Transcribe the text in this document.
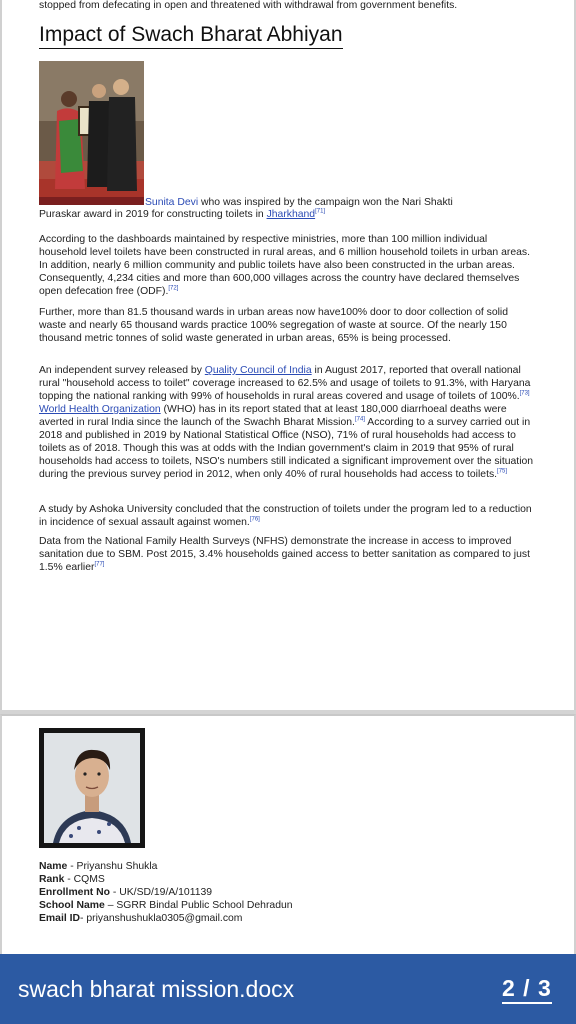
stopped from defecating in open and threatened with withdrawal from government benefits.
Impact of Swach Bharat Abhiyan
Sunita Devi who was inspired by the campaign won the Nari Shakti
Puraskar award in 2019 for constructing toilets in Jharkhand[71]
According to the dashboards maintained by respective ministries, more than 100 million individual household level toilets have been constructed in rural areas, and 6 million household toilets in urban areas. In addition, nearly 6 million community and public toilets have also been constructed in the urban areas. Consequently, 4,234 cities and more than 600,000 villages across the country have declared themselves open defecation free (ODF).[72]
Further, more than 81.5 thousand wards in urban areas now have100% door to door collection of solid waste and nearly 65 thousand wards practice 100% segregation of waste at source. Of the nearly 150 thousand metric tonnes of solid waste generated in urban areas, 65% is being processed.
An independent survey released by Quality Council of India in August 2017, reported that overall national rural "household access to toilet" coverage increased to 62.5% and usage of toilets to 91.3%, with Haryana topping the national ranking with 99% of households in rural areas covered and usage of toilets of 100%.[73] World Health Organization (WHO) has in its report stated that at least 180,000 diarrhoeal deaths were averted in rural India since the launch of the Swachh Bharat Mission.[74] According to a survey carried out in 2018 and published in 2019 by National Statistical Office (NSO), 71% of rural households had access to toilets as of 2018. Though this was at odds with the Indian government's claim in 2019 that 95% of rural households had access to toilets, NSO's numbers still indicated a significant improvement over the situation during the previous survey period in 2012, when only 40% of rural households had access to toilets.[75]
A study by Ashoka University concluded that the construction of toilets under the program led to a reduction in incidence of sexual assault against women.[76]
Data from the National Family Health Surveys (NFHS) demonstrate the increase in access to improved sanitation due to SBM. Post 2015, 3.4% households gained access to better sanitation as compared to just 1.5% earlier[77]
Name - Priyanshu Shukla
Rank - CQMS
Enrollment No - UK/SD/19/A/101139
School Name – SGRR Bindal Public School Dehradun
Email ID- priyanshushukla0305@gmail.com
swach bharat mission.docx	2 / 3
